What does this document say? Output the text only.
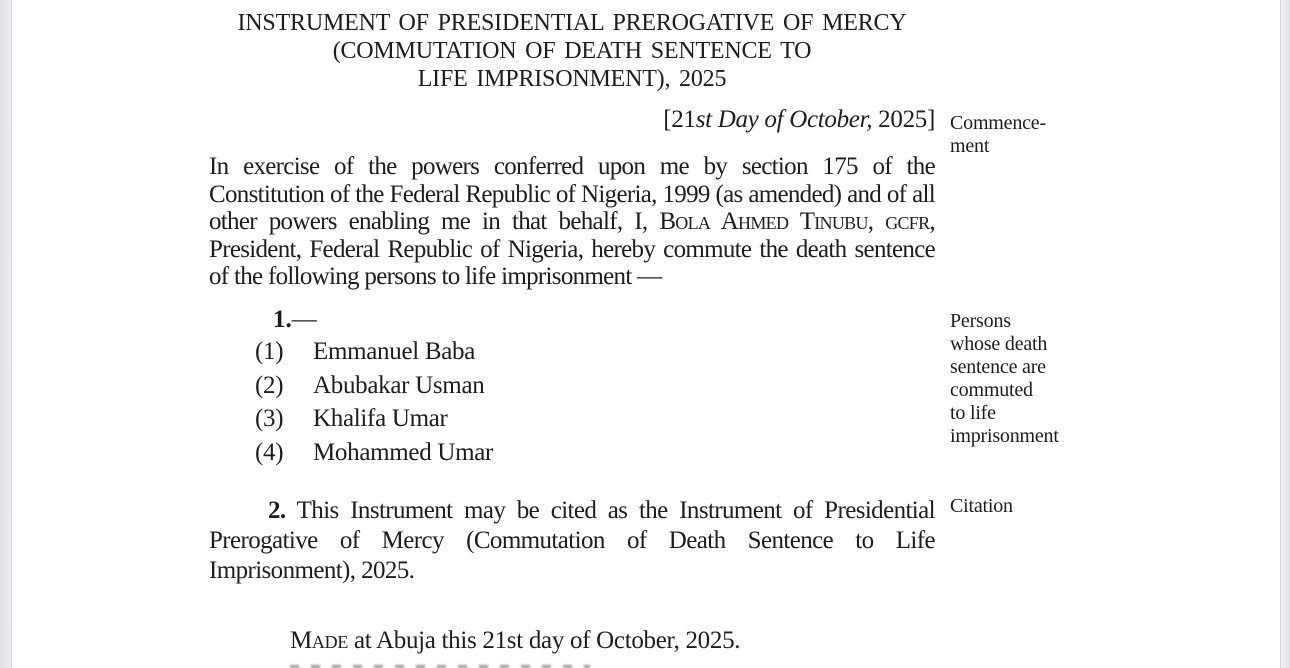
INSTRUMENT OF PRESIDENTIAL PREROGATIVE OF MERCY
(COMMUTATION OF DEATH SENTENCE TO
LIFE IMPRISONMENT), 2025
[21st Day of October, 2025] Commence-
ment
In exercise of the powers conferred upon me by section 175 of the Constitution of the Federal Republic of Nigeria, 1999 (as amended) and of all other powers enabling me in that behalf, I, Bola Ahmed Tinubu, gcfr, President, Federal Republic of Nigeria, hereby commute the death sentence of the following persons to life imprisonment —
1.—
(1) Emmanuel Baba
(2) Abubakar Usman
(3) Khalifa Umar
(4) Mohammed Umar
Persons
whose death
sentence are
commuted
to life
imprisonment
2. This Instrument may be cited as the Instrument of Presidential Prerogative of Mercy (Commutation of Death Sentence to Life Imprisonment), 2025.
Citation
Made at Abuja this 21st day of October, 2025.
